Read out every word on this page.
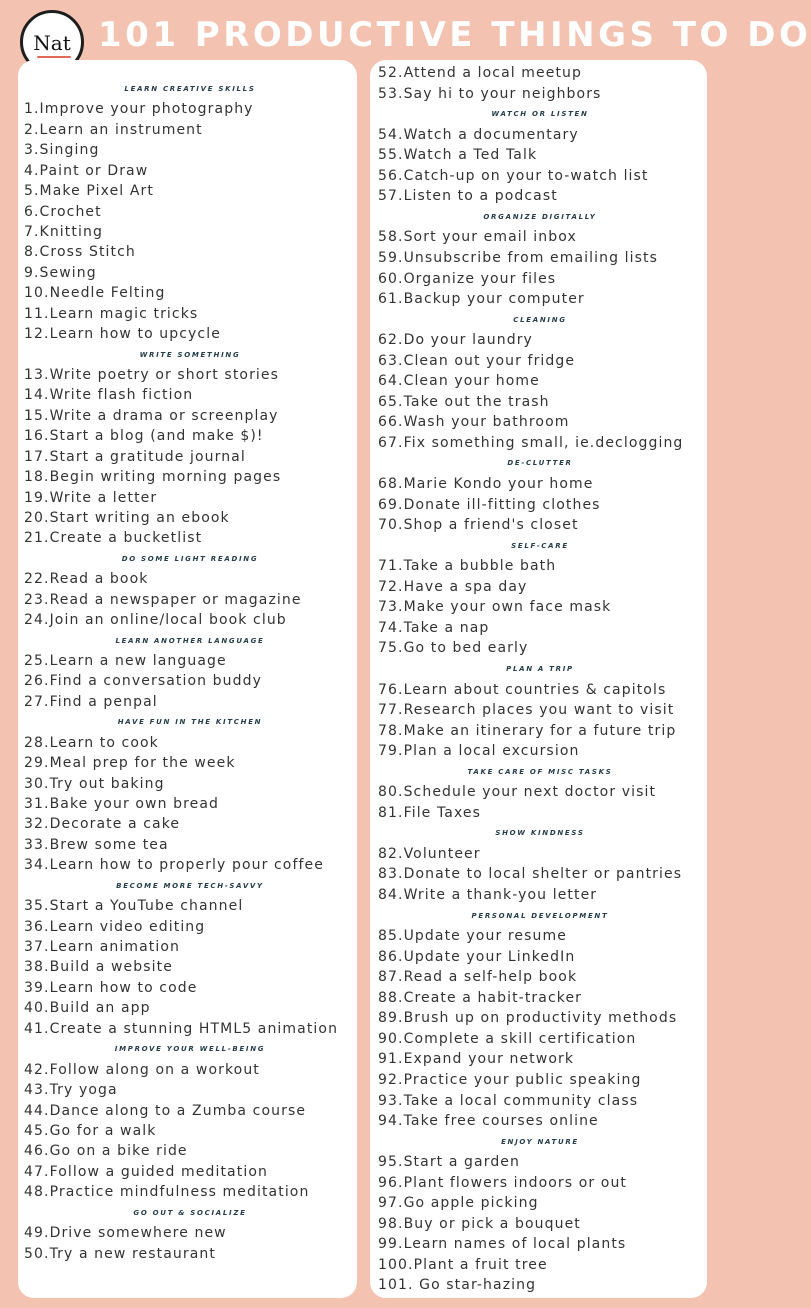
Nat 101 PRODUCTIVE THINGS TO DO
LEARN CREATIVE SKILLS
1.Improve your photography
2.Learn an instrument
3.Singing
4.Paint or Draw
5.Make Pixel Art
6.Crochet
7.Knitting
8.Cross Stitch
9.Sewing
10.Needle Felting
11.Learn magic tricks
12.Learn how to upcycle
WRITE SOMETHING
13.Write poetry or short stories
14.Write flash fiction
15.Write a drama or screenplay
16.Start a blog (and make $)!
17.Start a gratitude journal
18.Begin writing morning pages
19.Write a letter
20.Start writing an ebook
21.Create a bucketlist
DO SOME LIGHT READING
22.Read a book
23.Read a newspaper or magazine
24.Join an online/local book club
LEARN ANOTHER LANGUAGE
25.Learn a new language
26.Find a conversation buddy
27.Find a penpal
HAVE FUN IN THE KITCHEN
28.Learn to cook
29.Meal prep for the week
30.Try out baking
31.Bake your own bread
32.Decorate a cake
33.Brew some tea
34.Learn how to properly pour coffee
BECOME MORE TECH-SAVVY
35.Start a YouTube channel
36.Learn video editing
37.Learn animation
38.Build a website
39.Learn how to code
40.Build an app
41.Create a stunning HTML5 animation
IMPROVE YOUR WELL-BEING
42.Follow along on a workout
43.Try yoga
44.Dance along to a Zumba course
45.Go for a walk
46.Go on a bike ride
47.Follow a guided meditation
48.Practice mindfulness meditation
GO OUT & SOCIALIZE
49.Drive somewhere new
50.Try a new restaurant
52.Attend a local meetup
53.Say hi to your neighbors
WATCH OR LISTEN
54.Watch a documentary
55.Watch a Ted Talk
56.Catch-up on your to-watch list
57.Listen to a podcast
ORGANIZE DIGITALLY
58.Sort your email inbox
59.Unsubscribe from emailing lists
60.Organize your files
61.Backup your computer
CLEANING
62.Do your laundry
63.Clean out your fridge
64.Clean your home
65.Take out the trash
66.Wash your bathroom
67.Fix something small, ie.declogging
DE-CLUTTER
68.Marie Kondo your home
69.Donate ill-fitting clothes
70.Shop a friend's closet
SELF-CARE
71.Take a bubble bath
72.Have a spa day
73.Make your own face mask
74.Take a nap
75.Go to bed early
PLAN A TRIP
76.Learn about countries & capitols
77.Research places you want to visit
78.Make an itinerary for a future trip
79.Plan a local excursion
TAKE CARE OF MISC TASKS
80.Schedule your next doctor visit
81.File Taxes
SHOW KINDNESS
82.Volunteer
83.Donate to local shelter or pantries
84.Write a thank-you letter
PERSONAL DEVELOPMENT
85.Update your resume
86.Update your LinkedIn
87.Read a self-help book
88.Create a habit-tracker
89.Brush up on productivity methods
90.Complete a skill certification
91.Expand your network
92.Practice your public speaking
93.Take a local community class
94.Take free courses online
ENJOY NATURE
95.Start a garden
96.Plant flowers indoors or out
97.Go apple picking
98.Buy or pick a bouquet
99.Learn names of local plants
100.Plant a fruit tree
101. Go star-hazing
